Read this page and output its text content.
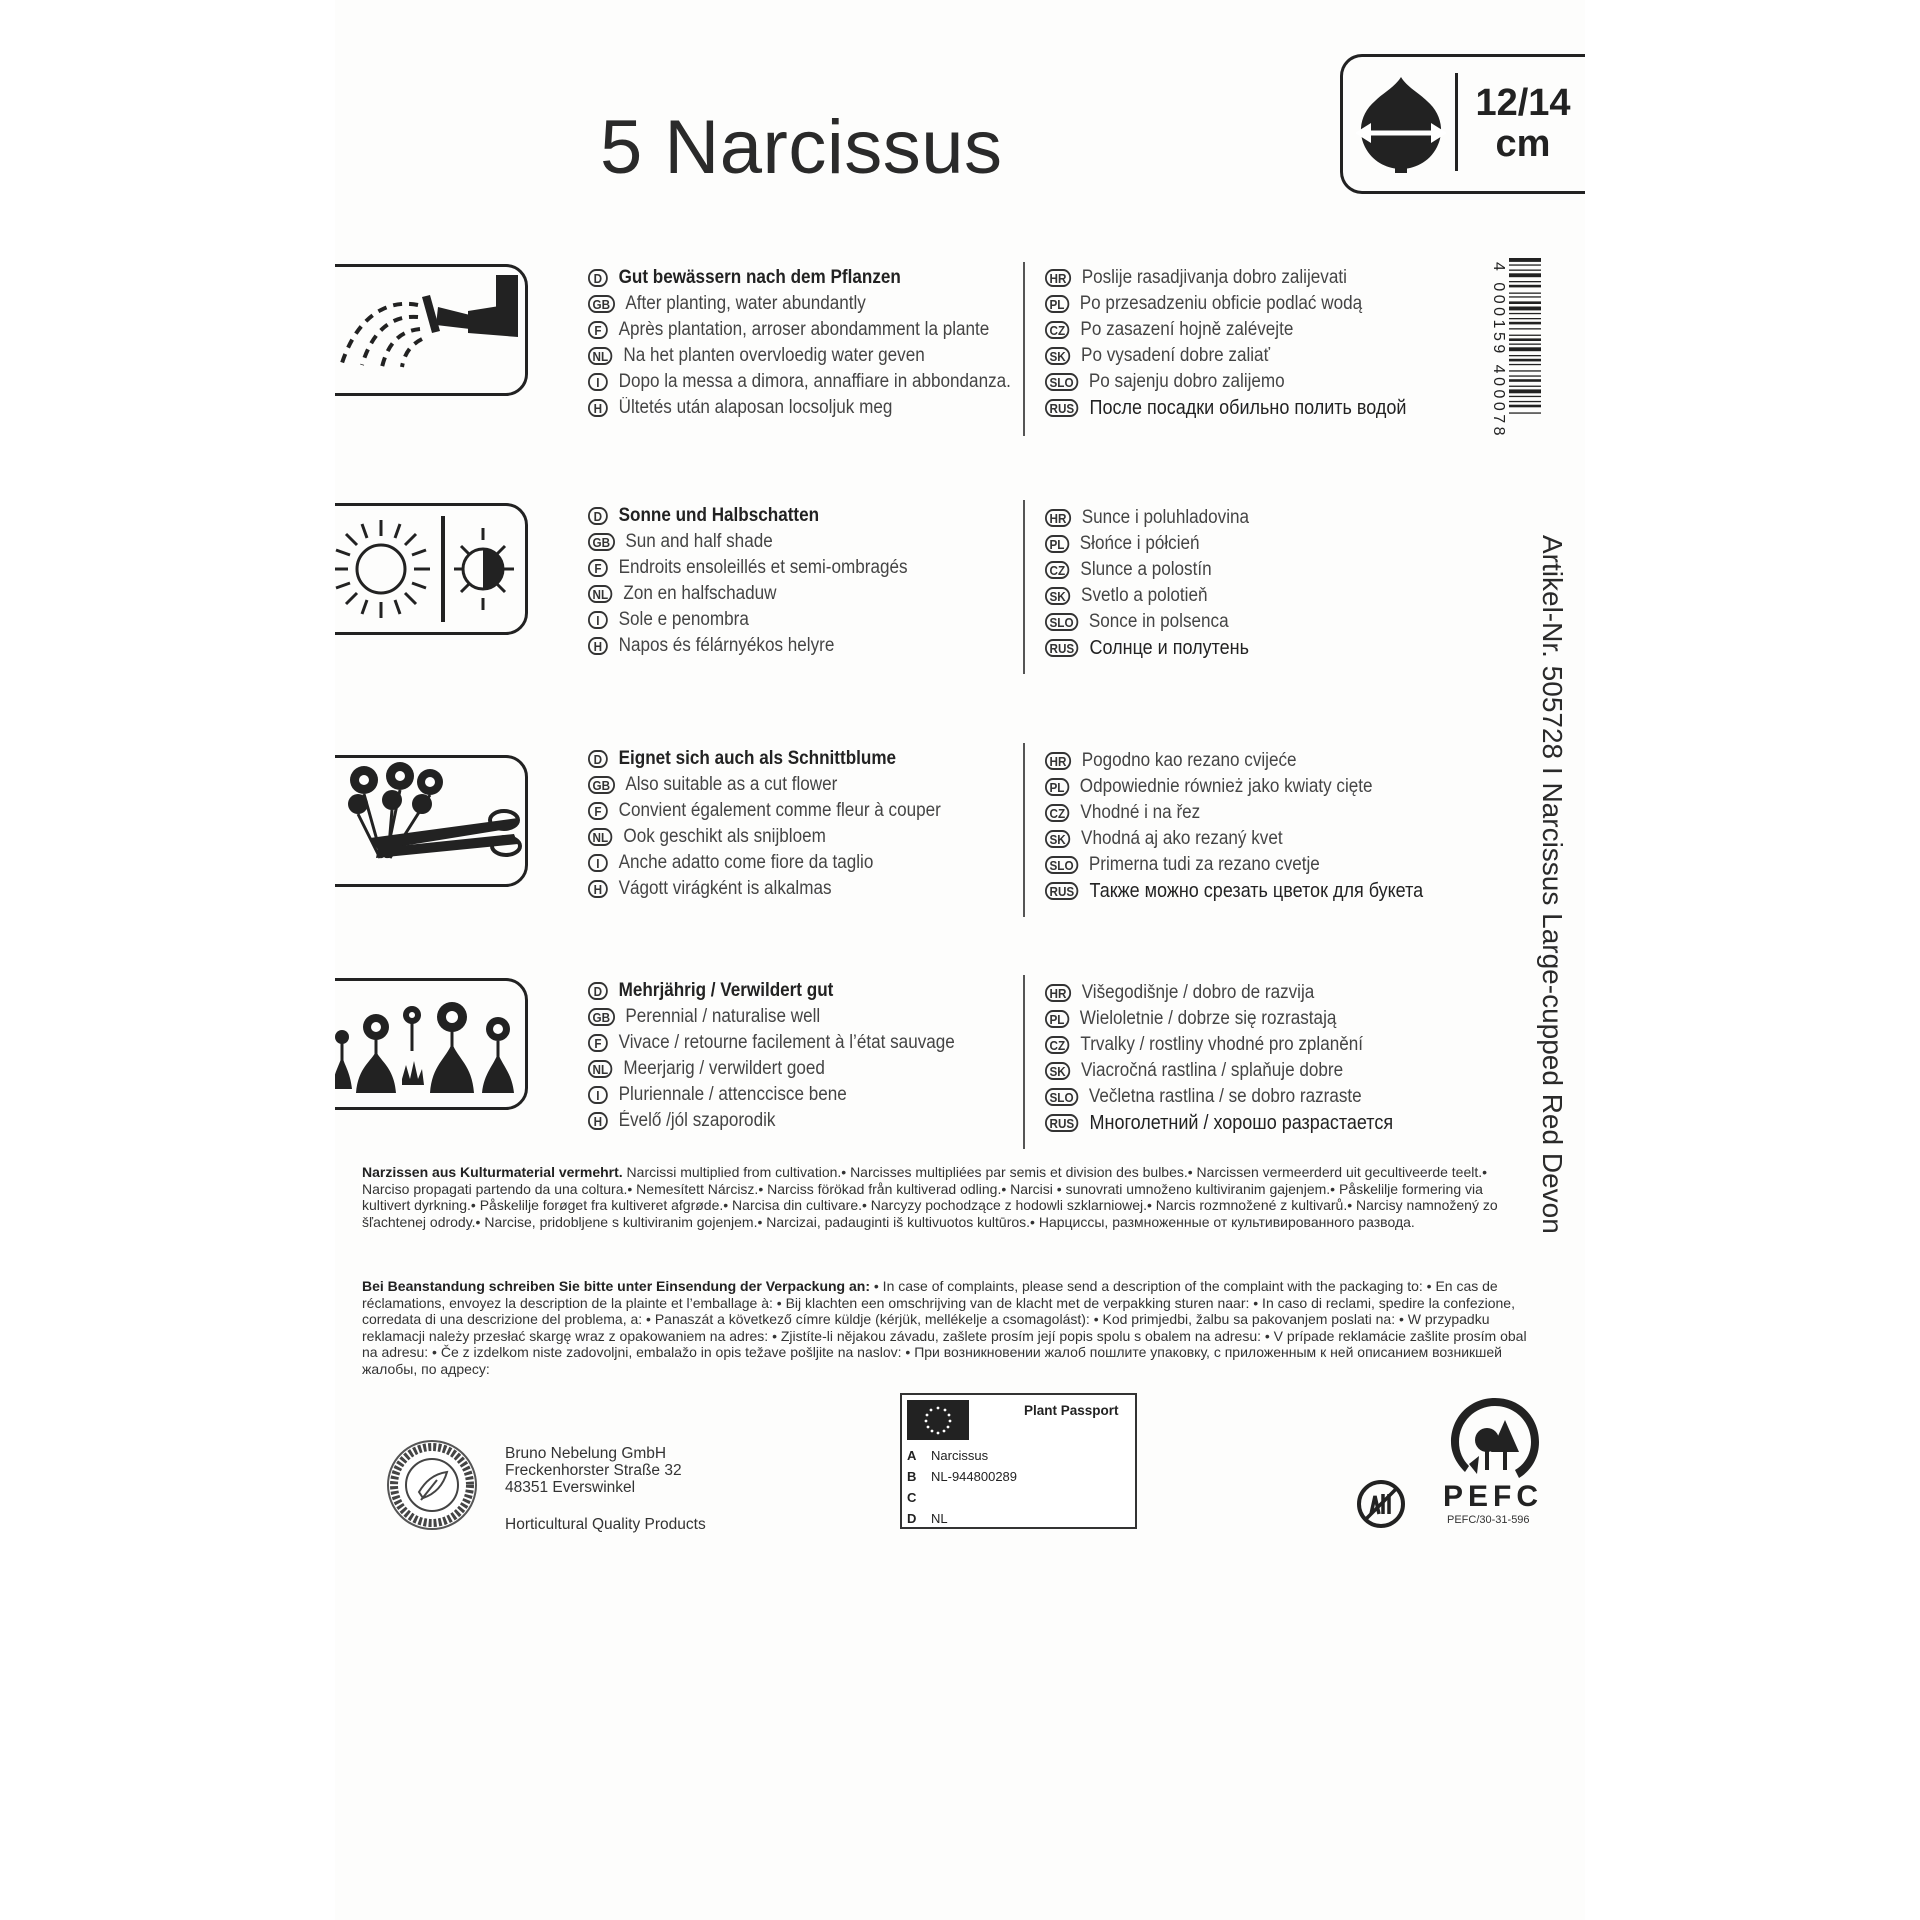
5 Narcissus
12/14
cm
D Gut bewässern nach dem Pflanzen
GB After planting, water abundantly
F Après plantation, arroser abondamment la plante
NL Na het planten overvloedig water geven
I	Dopo la messa a dimora, annaffiare in abbondanza.
H Ültetés után alaposan locsoljuk meg
HR Poslije rasadjivanja dobro zalijevati
PL Po przesadzeniu obficie podlać wodą
CZ Po zasazení hojně zalévejte
SK Po vysadení dobre zaliať
SLO Po sajenju dobro zalijemo
RUS После посадки обильно полить водой
D Sonne und Halbschatten
GB Sun and half shade
F Endroits ensoleillés et semi-ombragés
NL Zon en halfschaduw
I	Sole e penombra
H Napos és félárnyékos helyre
HR Sunce i poluhladovina
PL Słońce i półcień
CZ Slunce a polostín
SK Svetlo a polotieň
SLO Sonce in polsenca
RUS Солнце и полутень
D Eignet sich auch als Schnittblume
GB Also suitable as a cut flower
F Convient également comme fleur à couper
NL Ook geschikt als snijbloem
I	Anche adatto come fiore da taglio
H Vágott virágként is alkalmas
HR Pogodno kao rezano cvijeće
PL Odpowiednie również jako kwiaty cięte
CZ Vhodné i na řez
SK Vhodná aj ako rezaný kvet
SLO Primerna tudi za rezano cvetje
RUS Также можно срезать цветок для букета
D Mehrjährig / Verwildert gut
GB Perennial / naturalise well
F Vivace / retourne facilement à l’état sauvage
NL Meerjarig / verwildert goed
I	Pluriennale / attenccisce bene
H Évelő /jól szaporodik
HR Višegodišnje / dobro de razvija
PL Wieloletnie / dobrze się rozrastają
CZ Trvalky / rostliny vhodné pro zplanění
SK Viacročná rastlina / splaňuje dobre
SLO Večletna rastlina / se dobro razraste
RUS Многолетний / хорошо разрастается
4 000159 400078
Artikel-Nr. 505728 I Narcissus Large-cupped Red Devon
Narzissen aus Kulturmaterial vermehrt. Narcissi multiplied from cultivation.• Narcisses multipliées par semis et division des bulbes.• Narcissen vermeerderd uit gecultiveerde teelt.• Narciso propagati partendo da una coltura.• Nemesített Nárcisz.• Narciss förökad från kultiverad odling.• Narcisi • sunovrati umnoženo kultiviranim gajenjem.• Påskelilje formering via kultivert dyrkning.• Påskelilje forøget fra kultiveret afgrøde.• Narcisa din cultivare.• Narcyzy pochodzące z hodowli szklarniowej.• Narcis rozmnožené z kultivarů.• Narcisy namnožený zo šľachtenej odrody.• Narcise, pridobljene s kultiviranim gojenjem.• Narcizai, padauginti iš kultivuotos kultūros.• Нарциссы, размноженные от культивированного развода.
Bei Beanstandung schreiben Sie bitte unter Einsendung der Verpackung an: • In case of complaints, please send a description of the complaint with the packaging to: • En cas de réclamations, envoyez la description de la plainte et l’emballage à: • Bij klachten een omschrijving van de klacht met de verpakking sturen naar: • In caso di reclami, spedire la confezione, corredata di una descrizione del problema, a: • Panaszát a következő címre küldje (kérjük, mellékelje a csomagolást): • Kod primjedbi, žalbu sa pakovanjem poslati na: • W przypadku reklamacji należy przesłać skargę wraz z opakowaniem na adres: • Zjistíte-li nějakou závadu, zašlete prosím její popis spolu s obalem na adresu: • V prípade reklamácie zašlite prosím obal na adresu: • Če z izdelkom niste zadovoljni, embalažo in opis težave pošljite na naslov: • При возникновении жалоб пошлите упаковку, с приложенным к ней описанием возникшей жалобы, по адресу:
Bruno Nebelung GmbH
Freckenhorster Straße 32
48351 Everswinkel
Horticultural Quality Products
Plant Passport
A	Narcissus
B	NL-944800289
C
D	NL
PEFC
PEFC/30-31-596
